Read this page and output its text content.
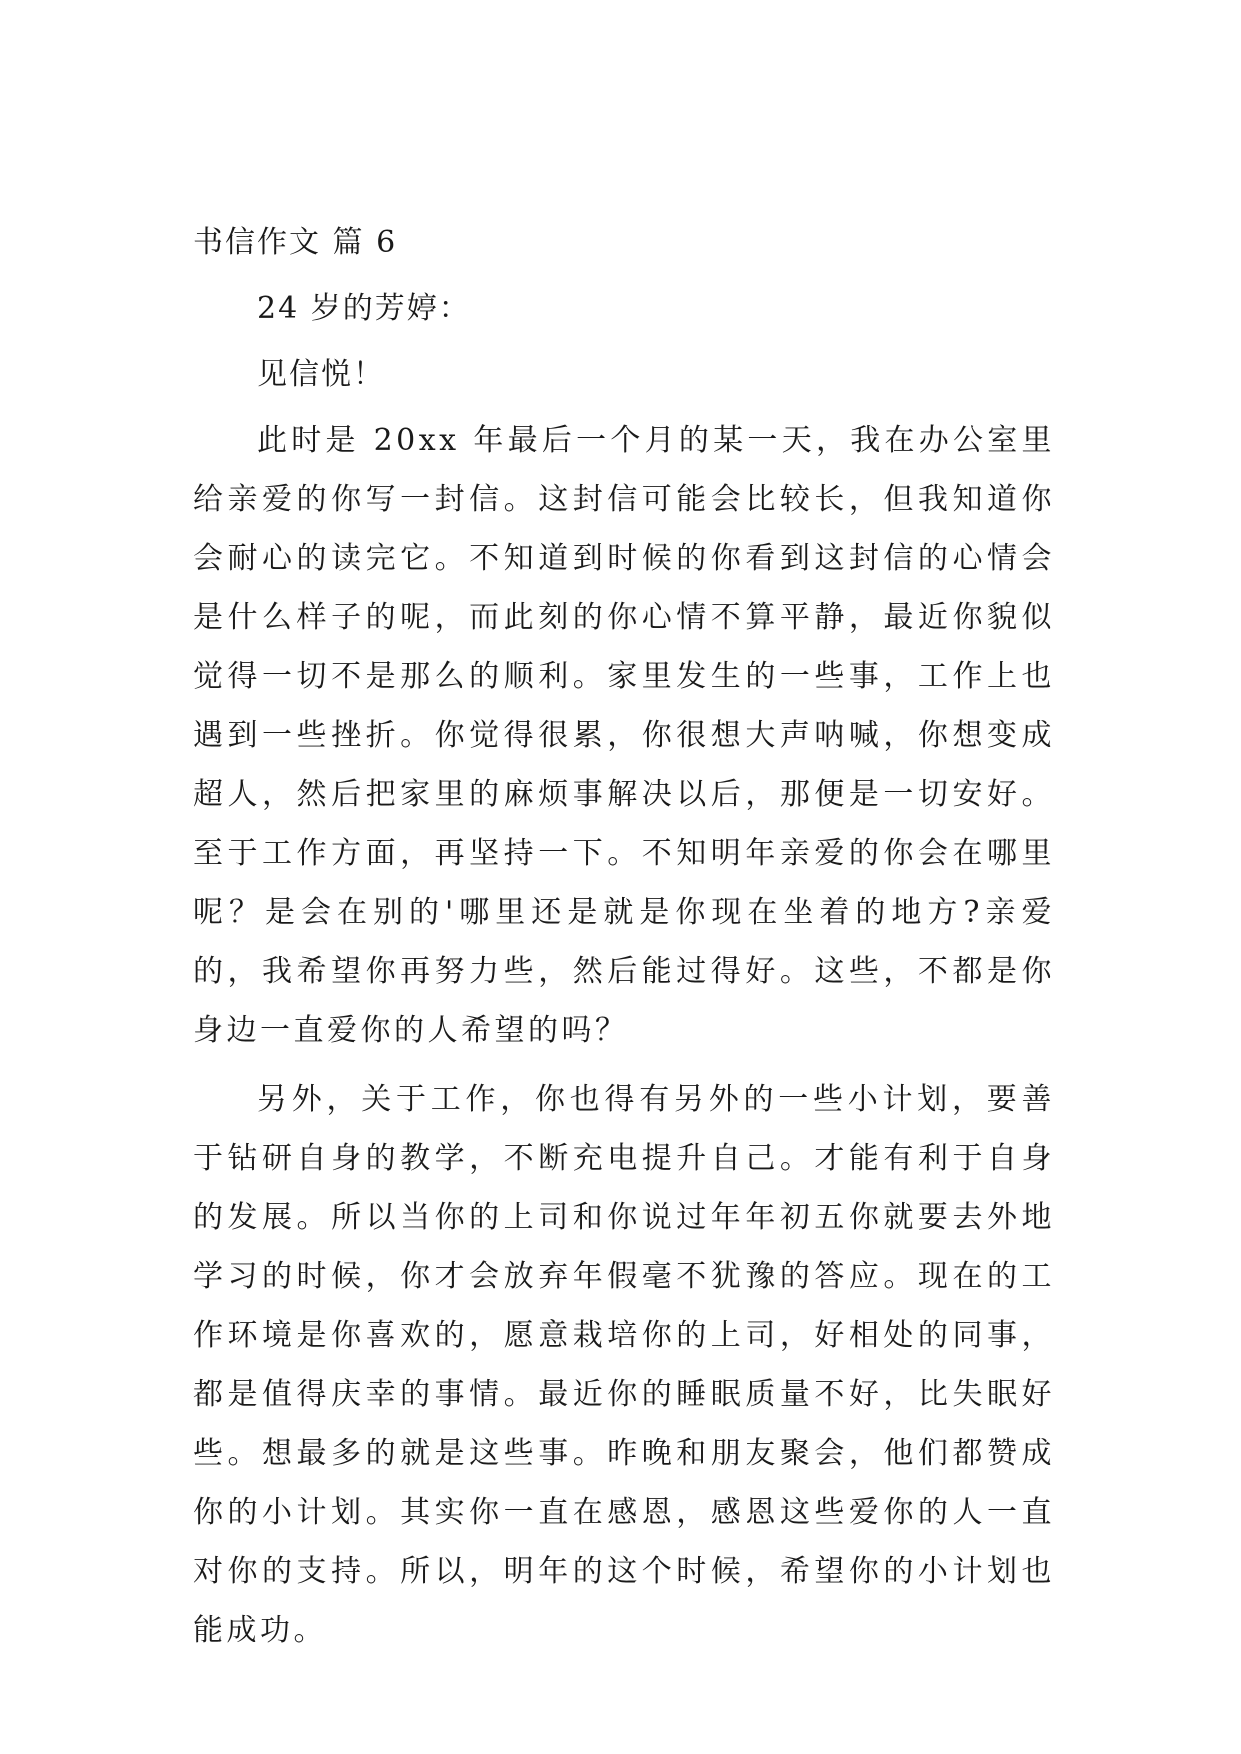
书信作文 篇 6
24 岁的芳婷：
见信悦！
此时是 20xx 年最后一个月的某一天，我在办公室里给亲爱的你写一封信。这封信可能会比较长，但我知道你会耐心的读完它。不知道到时候的你看到这封信的心情会是什么样子的呢，而此刻的你心情不算平静，最近你貌似觉得一切不是那么的顺利。家里发生的一些事，工作上也遇到一些挫折。你觉得很累，你很想大声呐喊，你想变成超人，然后把家里的麻烦事解决以后，那便是一切安好。至于工作方面，再坚持一下。不知明年亲爱的你会在哪里呢？是会在别的'哪里还是就是你现在坐着的地方?亲爱的，我希望你再努力些，然后能过得好。这些，不都是你身边一直爱你的人希望的吗？
另外，关于工作，你也得有另外的一些小计划，要善于钻研自身的教学，不断充电提升自己。才能有利于自身的发展。所以当你的上司和你说过年年初五你就要去外地学习的时候，你才会放弃年假毫不犹豫的答应。现在的工作环境是你喜欢的，愿意栽培你的上司，好相处的同事，都是值得庆幸的事情。最近你的睡眠质量不好，比失眠好些。想最多的就是这些事。昨晚和朋友聚会，他们都赞成你的小计划。其实你一直在感恩，感恩这些爱你的人一直对你的支持。所以，明年的这个时候，希望你的小计划也能成功。
